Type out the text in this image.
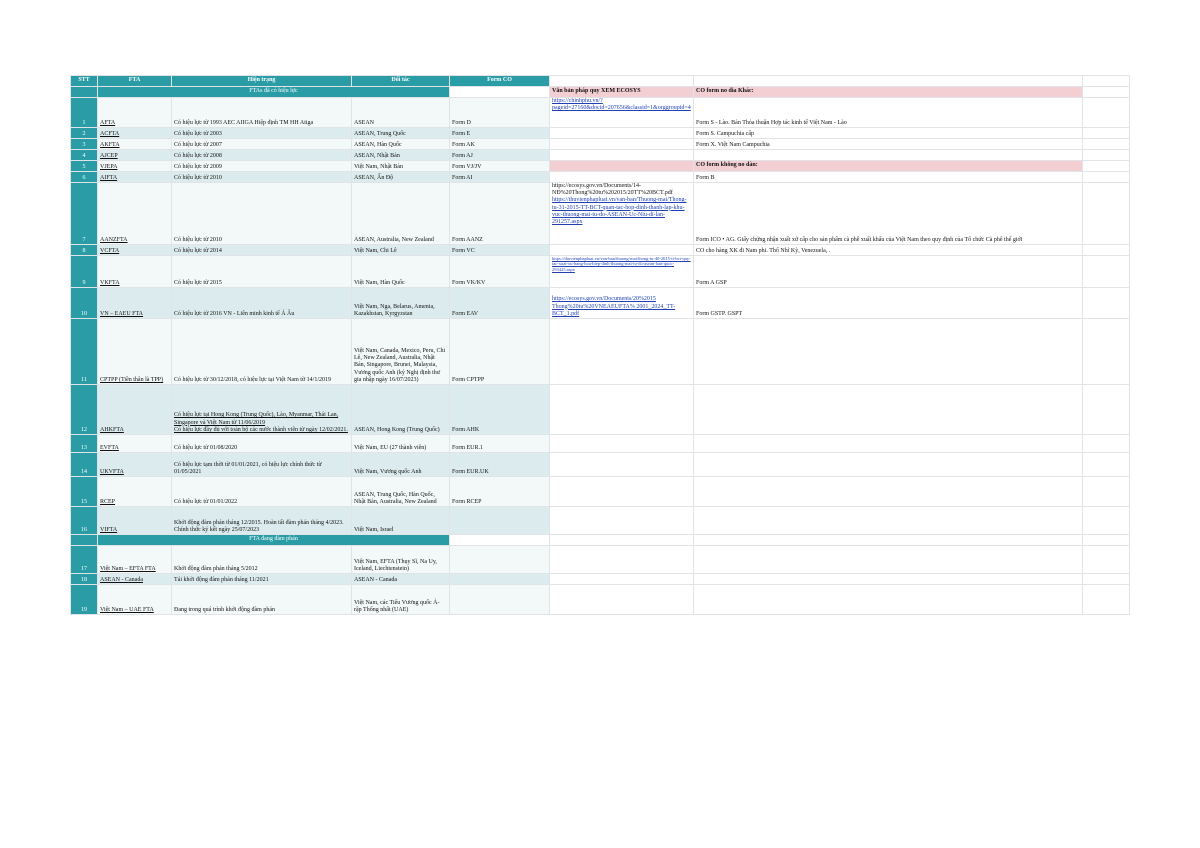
STT	FTA	Hiện trạng	Đối tác	Form CO			
	FTAs đã có hiệu lực				Văn bản pháp quy XEM ECOSYS	CO form no dia Khác:	
1	AFTA	Có hiệu lực từ 1993 AEC AIIGA Hiệp định TM HH Atiga	ASEAN	Form D	https://chinhphu.vn/?pageid=27160&docid=207656&classid=1&orggroupid=4	Form S - Lào. Bản Thỏa thuận Hợp tác kinh tế Việt Nam - Lào	
2	ACFTA	Có hiệu lực từ 2003	ASEAN, Trung Quốc	Form E		Form S. Campuchia cấp	
3	AKFTA	Có hiệu lực từ 2007	ASEAN, Hàn Quốc	Form AK		Form X. Việt Nam Campuchia	
4	AJCEP	Có hiệu lực từ 2008	ASEAN, Nhật Bản	Form AJ			
5	VJEPA	Có hiệu lực từ 2009	Việt Nam, Nhật Bản	Form VJ/JV		CO form không no dàn:	
6	AIFTA	Có hiệu lực từ 2010	ASEAN, Ấn Độ	Form AI		Form B	
7	AANZFTA	Có hiệu lực từ 2010	ASEAN, Australia, New Zealand	Form AANZ	https://ecosys.gov.vn/Documents/14-NĐ%20Thong%20tu%202015/20TT%20BCT.pdf
https://thuvienphapluat.vn/van-ban/Thuong-mai/Thong-tu-31-2015-TT-BCT-quan-tac-hop-dinh-thanh-lap-khu-vuc-thuong-mai-tu-do-ASEAN-Uc-Niu-di-lan-291257.aspx	Form ICO • AG. Giấy chứng nhận xuất xứ cấp cho sản phẩm cà phê xuất khẩu của Việt Nam theo quy định của Tổ chức Cà phê thế giới	
8	VCFTA	Có hiệu lực từ 2014	Việt Nam, Chi Lê	Form VC		CO cho hàng XK đi Nam phi. Thổ Nhĩ Kỳ, Venezuela, .	
9	VKFTA	Có hiệu lực từ 2015	Việt Nam, Hàn Quốc	Form VK/KV	https://thuvienphapluat.vn/van-ban/thuong-mai/thong-tu-40-2015-tt-bct-quy-tac-xuat-xu-hang-hoa-hiep-dinh-thuong-mai-tu-do-asean-han-quoc-293425.aspx	Form A GSP	
10	VN – EAEU FTA	Có hiệu lực từ 2016 VN - Liên minh kinh tế Á Âu	Việt Nam, Nga, Belarus, Amenia, Kazakhstan, Kyrgyzstan	Form EAV	https://ecosys.gov.vn/Documents/20%2015 Thong%20tu%20VNEAEUFTA% 2001_2024_TT-BCT_1.pdf	Form GSTP. GSPT	
11	CPTPP (Tiền thân là TPP)	Có hiệu lực từ 30/12/2018, có hiệu lực tại Việt Nam từ 14/1/2019	Việt Nam, Canada, Mexico, Peru, Chi Lê, New Zealand, Australia, Nhật Bản, Singapore, Brunei, Malaysia, Vương quốc Anh (ký Nghị định thư gia nhập ngày 16/07/2023)	Form CPTPP			
12	AHKFTA	Có hiệu lực tại Hong Kong (Trung Quốc), Lào, Myanmar, Thái Lan, Singapore và Việt Nam từ 11/06/2019
Có hiệu lực đầy đủ với toàn bộ các nước thành viên từ ngày 12/02/2021.	ASEAN, Hong Kong (Trung Quốc)	Form AHK			
13	EVFTA	Có hiệu lực từ 01/08/2020	Việt Nam, EU (27 thành viên)	Form EUR.1			
14	UKVFTA	Có hiệu lực tạm thời từ 01/01/2021, có hiệu lực chính thức từ 01/05/2021	Việt Nam, Vương quốc Anh	Form EUR.UK			
15	RCEP	Có hiệu lực từ 01/01/2022	ASEAN, Trung Quốc, Hàn Quốc, Nhật Bản, Australia, New Zealand	Form RCEP			
16	VIFTA	Khởi động đàm phán tháng 12/2015. Hoàn tất đàm phán tháng 4/2023. Chính thức ký kết ngày 25/07/2023	Việt Nam, Israel				
	FTA đang đàm phán						
17	Việt Nam – EFTA FTA	Khởi động đàm phán tháng 5/2012	Việt Nam, EFTA (Thụy Sĩ, Na Uy, Iceland, Liechtenstein)				
18	ASEAN - Canada	Tái khởi động đàm phán tháng 11/2021	ASEAN - Canada				
19	Việt Nam – UAE FTA	Đang trong quá trình khởi động đàm phán	Việt Nam, các Tiểu Vương quốc Ả-rập Thống nhất (UAE)				
